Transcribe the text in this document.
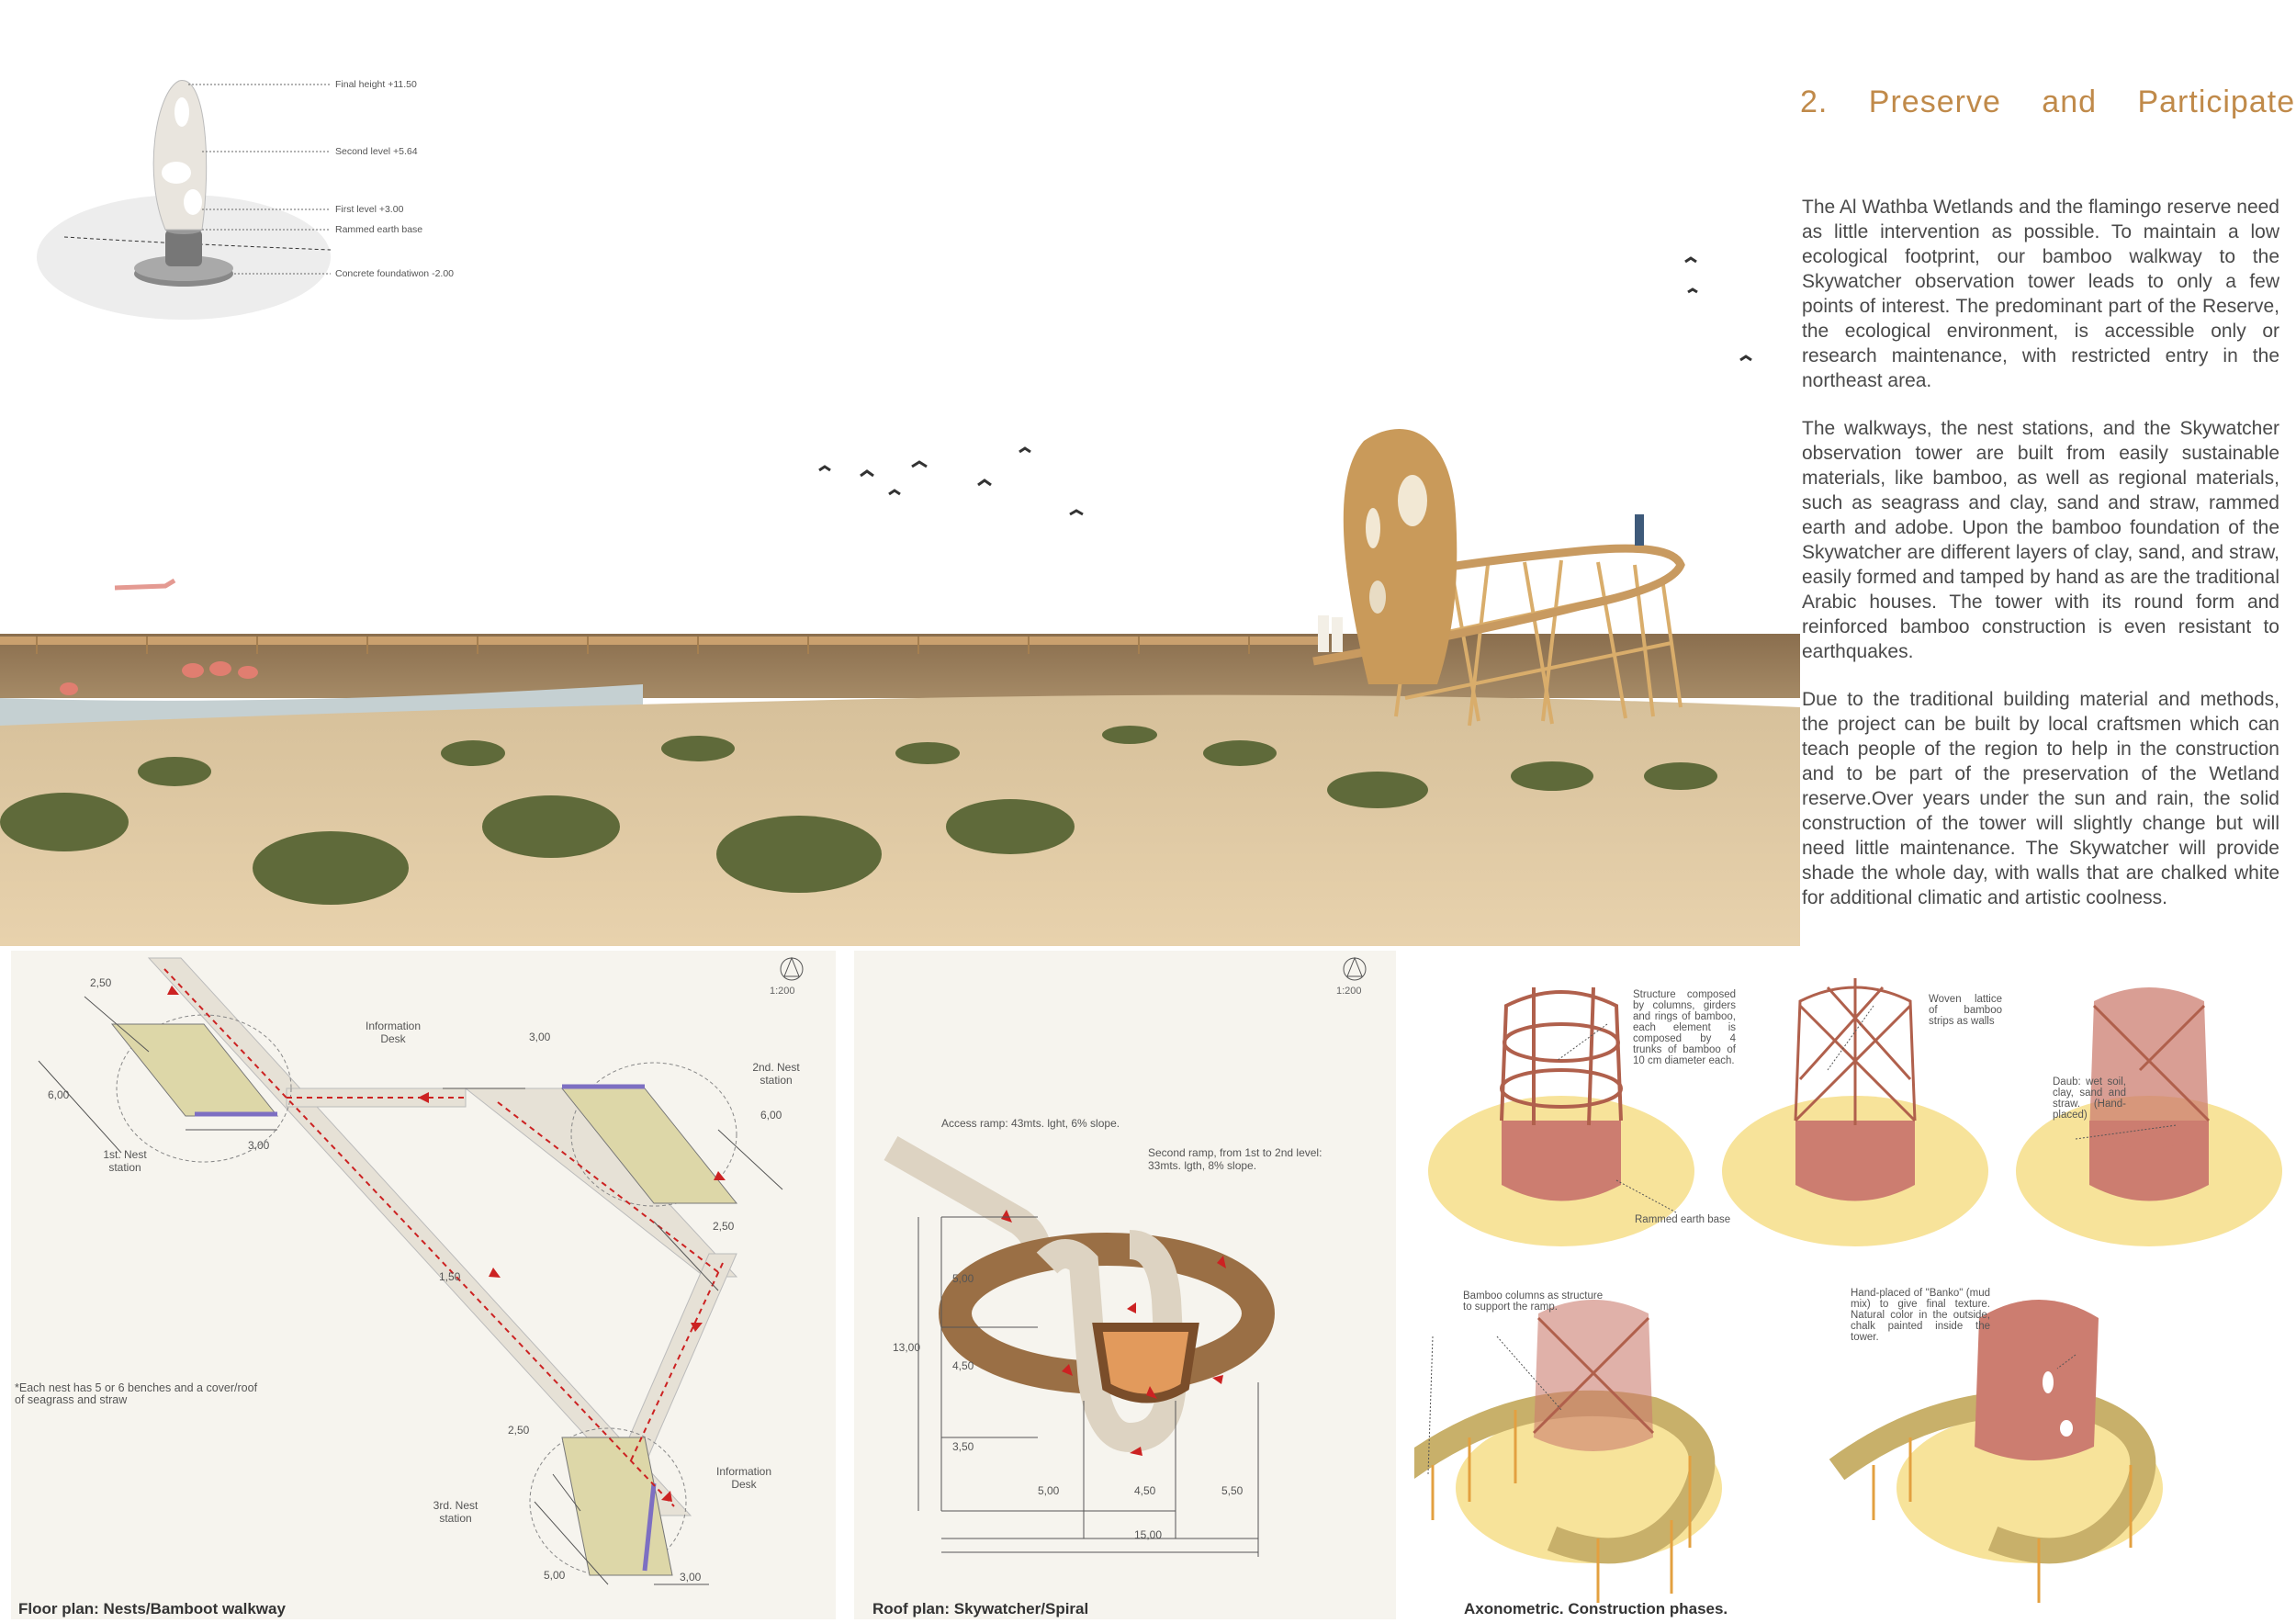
2. Preserve and Participate

The Al Wathba Wetlands and the flamingo reserve need as little intervention as possible. To maintain a low ecological footprint, our bamboo walkway to the Skywatcher observation tower leads to only a few points of interest. The predominant part of the Reserve, the ecological environment, is accessible only or research maintenance, with restricted entry in the northeast area.

The walkways, the nest stations, and the Skywatcher observation tower are built from easily sustainable materials, like bamboo, as well as regional materials, such as seagrass and clay, sand and straw, rammed earth and adobe. Upon the bamboo foundation of the Skywatcher are different layers of clay, sand, and straw, easily formed and tamped by hand as are the traditional Arabic houses. The tower with its round form and reinforced bamboo construction is even resistant to earthquakes.

Due to the traditional building material and methods, the project can be built by local craftsmen which can teach people of the region to help in the construction and to be part of the preservation of the Wetland reserve.Over years under the sun and rain, the solid construction of the tower will slightly change but will need little maintenance. The Skywatcher will provide shade the whole day, with walls that are chalked white for additional climatic and artistic coolness.

Final height +11.50
Second level +5.64
First level +3.00
Rammed earth base
Concrete foundatiwon -2.00
1:200
2,50
6,00
3,00
3,00
6,00
2,50
1,50
2,50
5,00	3,00
1st. Nest station
2nd. Nest station
3rd. Nest station
Information Desk
Information Desk
*Each nest has 5 or 6 benches and a cover/roof of seagrass and straw
Floor plan: Nests/Bamboot walkway
1:200
Access ramp: 43mts. lght, 6% slope.
Second ramp, from 1st to 2nd level: 33mts. lgth, 8% slope.
5,00
4,50
3,50
13,00
5,00	4,50	5,50
15,00
Roof plan: Skywatcher/Spiral
Structure composed by columns, girders and rings of bamboo, each element is composed by 4 trunks of bamboo of 10 cm diameter each.
Woven lattice of bamboo strips as walls
Daub: wet soil, clay, sand and straw. (Hand-placed)
Rammed earth base
Bamboo columns as structure to support the ramp.
Hand-placed of "Banko" (mud mix) to give final texture. Natural color in the outside, chalk painted inside the tower.
Axonometric. Construction phases.
